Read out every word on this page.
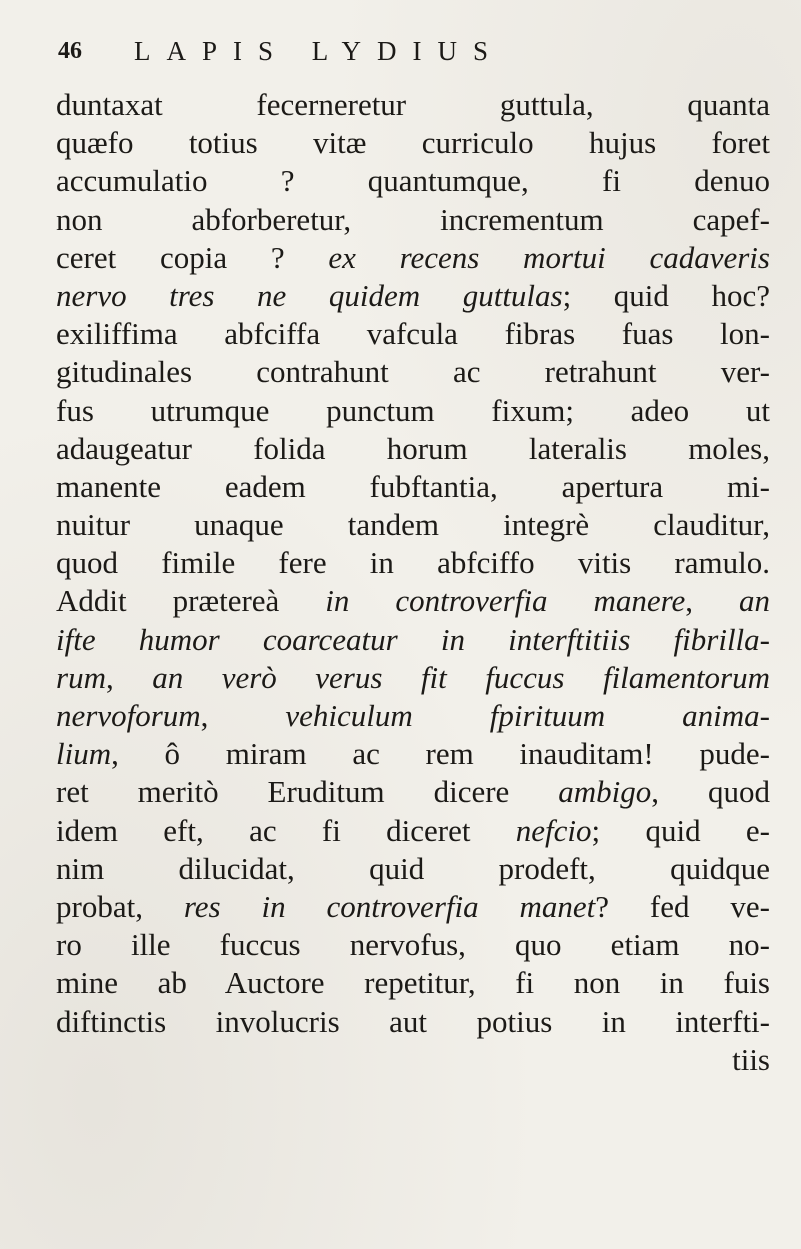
46 LAPIS LYDIUS
duntaxat fecerneretur guttula, quanta
quæfo totius vitæ curriculo hujus foret
accumulatio ? quantumque, fi denuo
non abforberetur, incrementum capef-
ceret copia ? ex recens mortui cadaveris
nervo tres ne quidem guttulas; quid hoc?
exiliffima abfciffa vafcula fibras fuas lon-
gitudinales contrahunt ac retrahunt ver-
fus utrumque punctum fixum; adeo ut
adaugeatur folida horum lateralis moles,
manente eadem fubftantia, apertura mi-
nuitur unaque tandem integrè clauditur,
quod fimile fere in abfciffo vitis ramulo.
Addit prætereà in controverfia manere, an
ifte humor coarceatur in interftitiis fibrilla-
rum, an verò verus fit fuccus filamentorum
nervoforum, vehiculum fpirituum anima-
lium, ô miram ac rem inauditam! pude-
ret meritò Eruditum dicere ambigo, quod
idem eft, ac fi diceret nefcio; quid e-
nim dilucidat, quid prodeft, quidque
probat, res in controverfia manet? fed ve-
ro ille fuccus nervofus, quo etiam no-
mine ab Auctore repetitur, fi non in fuis
diftinctis involucris aut potius in interfti-
tiis
